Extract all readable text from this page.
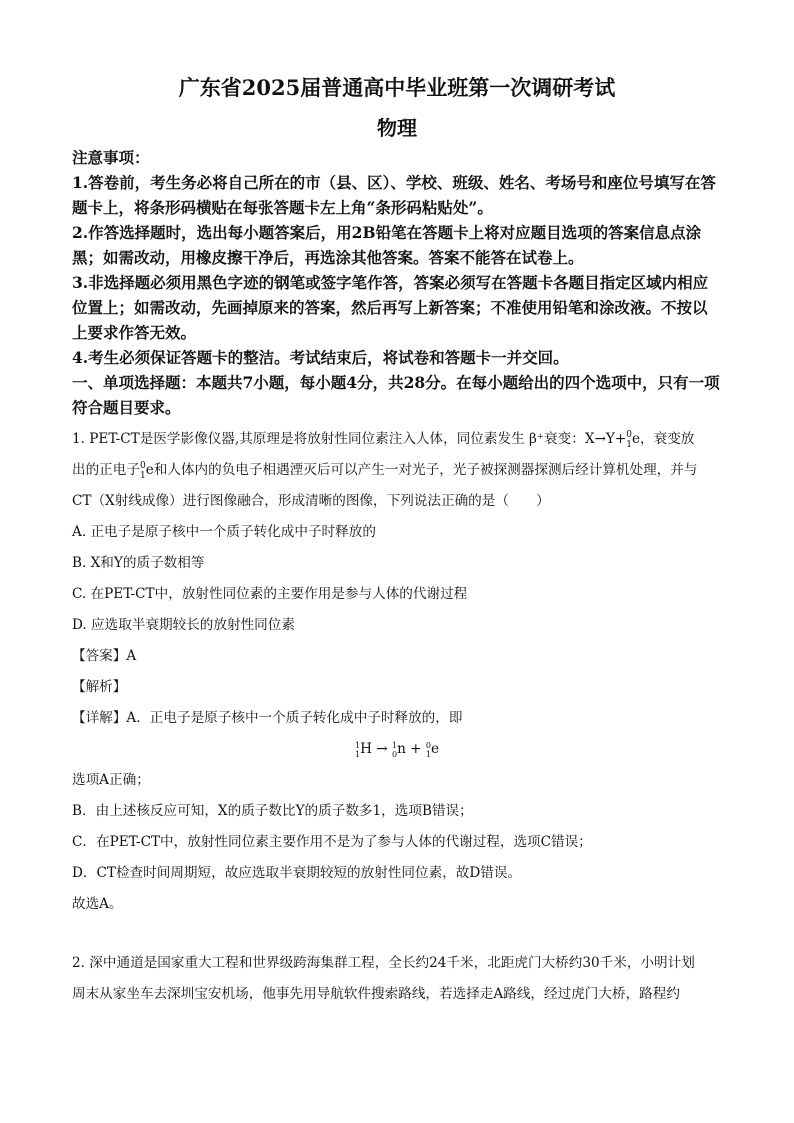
广东省2025届普通高中毕业班第一次调研考试
物理

注意事项：

1.答卷前，考生务必将自己所在的市（县、区）、学校、班级、姓名、考场号和座位号填写在答题卡上，将条形码横贴在每张答题卡左上角“条形码粘贴处”。

2.作答选择题时，选出每小题答案后，用2B铅笔在答题卡上将对应题目选项的答案信息点涂黑；如需改动，用橡皮擦干净后，再选涂其他答案。答案不能答在试卷上。

3.非选择题必须用黑色字迹的钢笔或签字笔作答，答案必须写在答题卡各题目指定区域内相应位置上；如需改动，先画掉原来的答案，然后再写上新答案；不准使用铅笔和涂改液。不按以上要求作答无效。

4.考生必须保证答题卡的整洁。考试结束后，将试卷和答题卡一并交回。

一、单项选择题：本题共7小题，每小题4分，共28分。在每小题给出的四个选项中，只有一项符合题目要求。

1. PET-CT是医学影像仪器,其原理是将放射性同位素注入人体，同位素发生 β⁺衰变：X→Y+ 0
1 e，衰变放

出的正电子 0
1 e和人体内的负电子相遇湮灭后可以产生一对光子，光子被探测器探测后经计算机处理，并与

CT（X射线成像）进行图像融合，形成清晰的图像，下列说法正确的是（　　）

A. 正电子是原子核中一个质子转化成中子时释放的

B. X和Y的质子数相等

C. 在PET-CT中，放射性同位素的主要作用是参与人体的代谢过程

D. 应选取半衰期较长的放射性同位素

【答案】A

【解析】

【详解】A．正电子是原子核中一个质子转化成中子时释放的，即

1
1 H → 1
0 n + 0
1 e

选项A正确；

B．由上述核反应可知，X的质子数比Y的质子数多1，选项B错误；

C．在PET-CT中，放射性同位素主要作用不是为了参与人体的代谢过程，选项C错误；

D．CT检查时间周期短，故应选取半衰期较短的放射性同位素，故D错误。

故选A。

2. 深中通道是国家重大工程和世界级跨海集群工程，全长约24千米，北距虎门大桥约30千米，小明计划

周末从家坐车去深圳宝安机场，他事先用导航软件搜索路线，若选择走A路线，经过虎门大桥，路程约
